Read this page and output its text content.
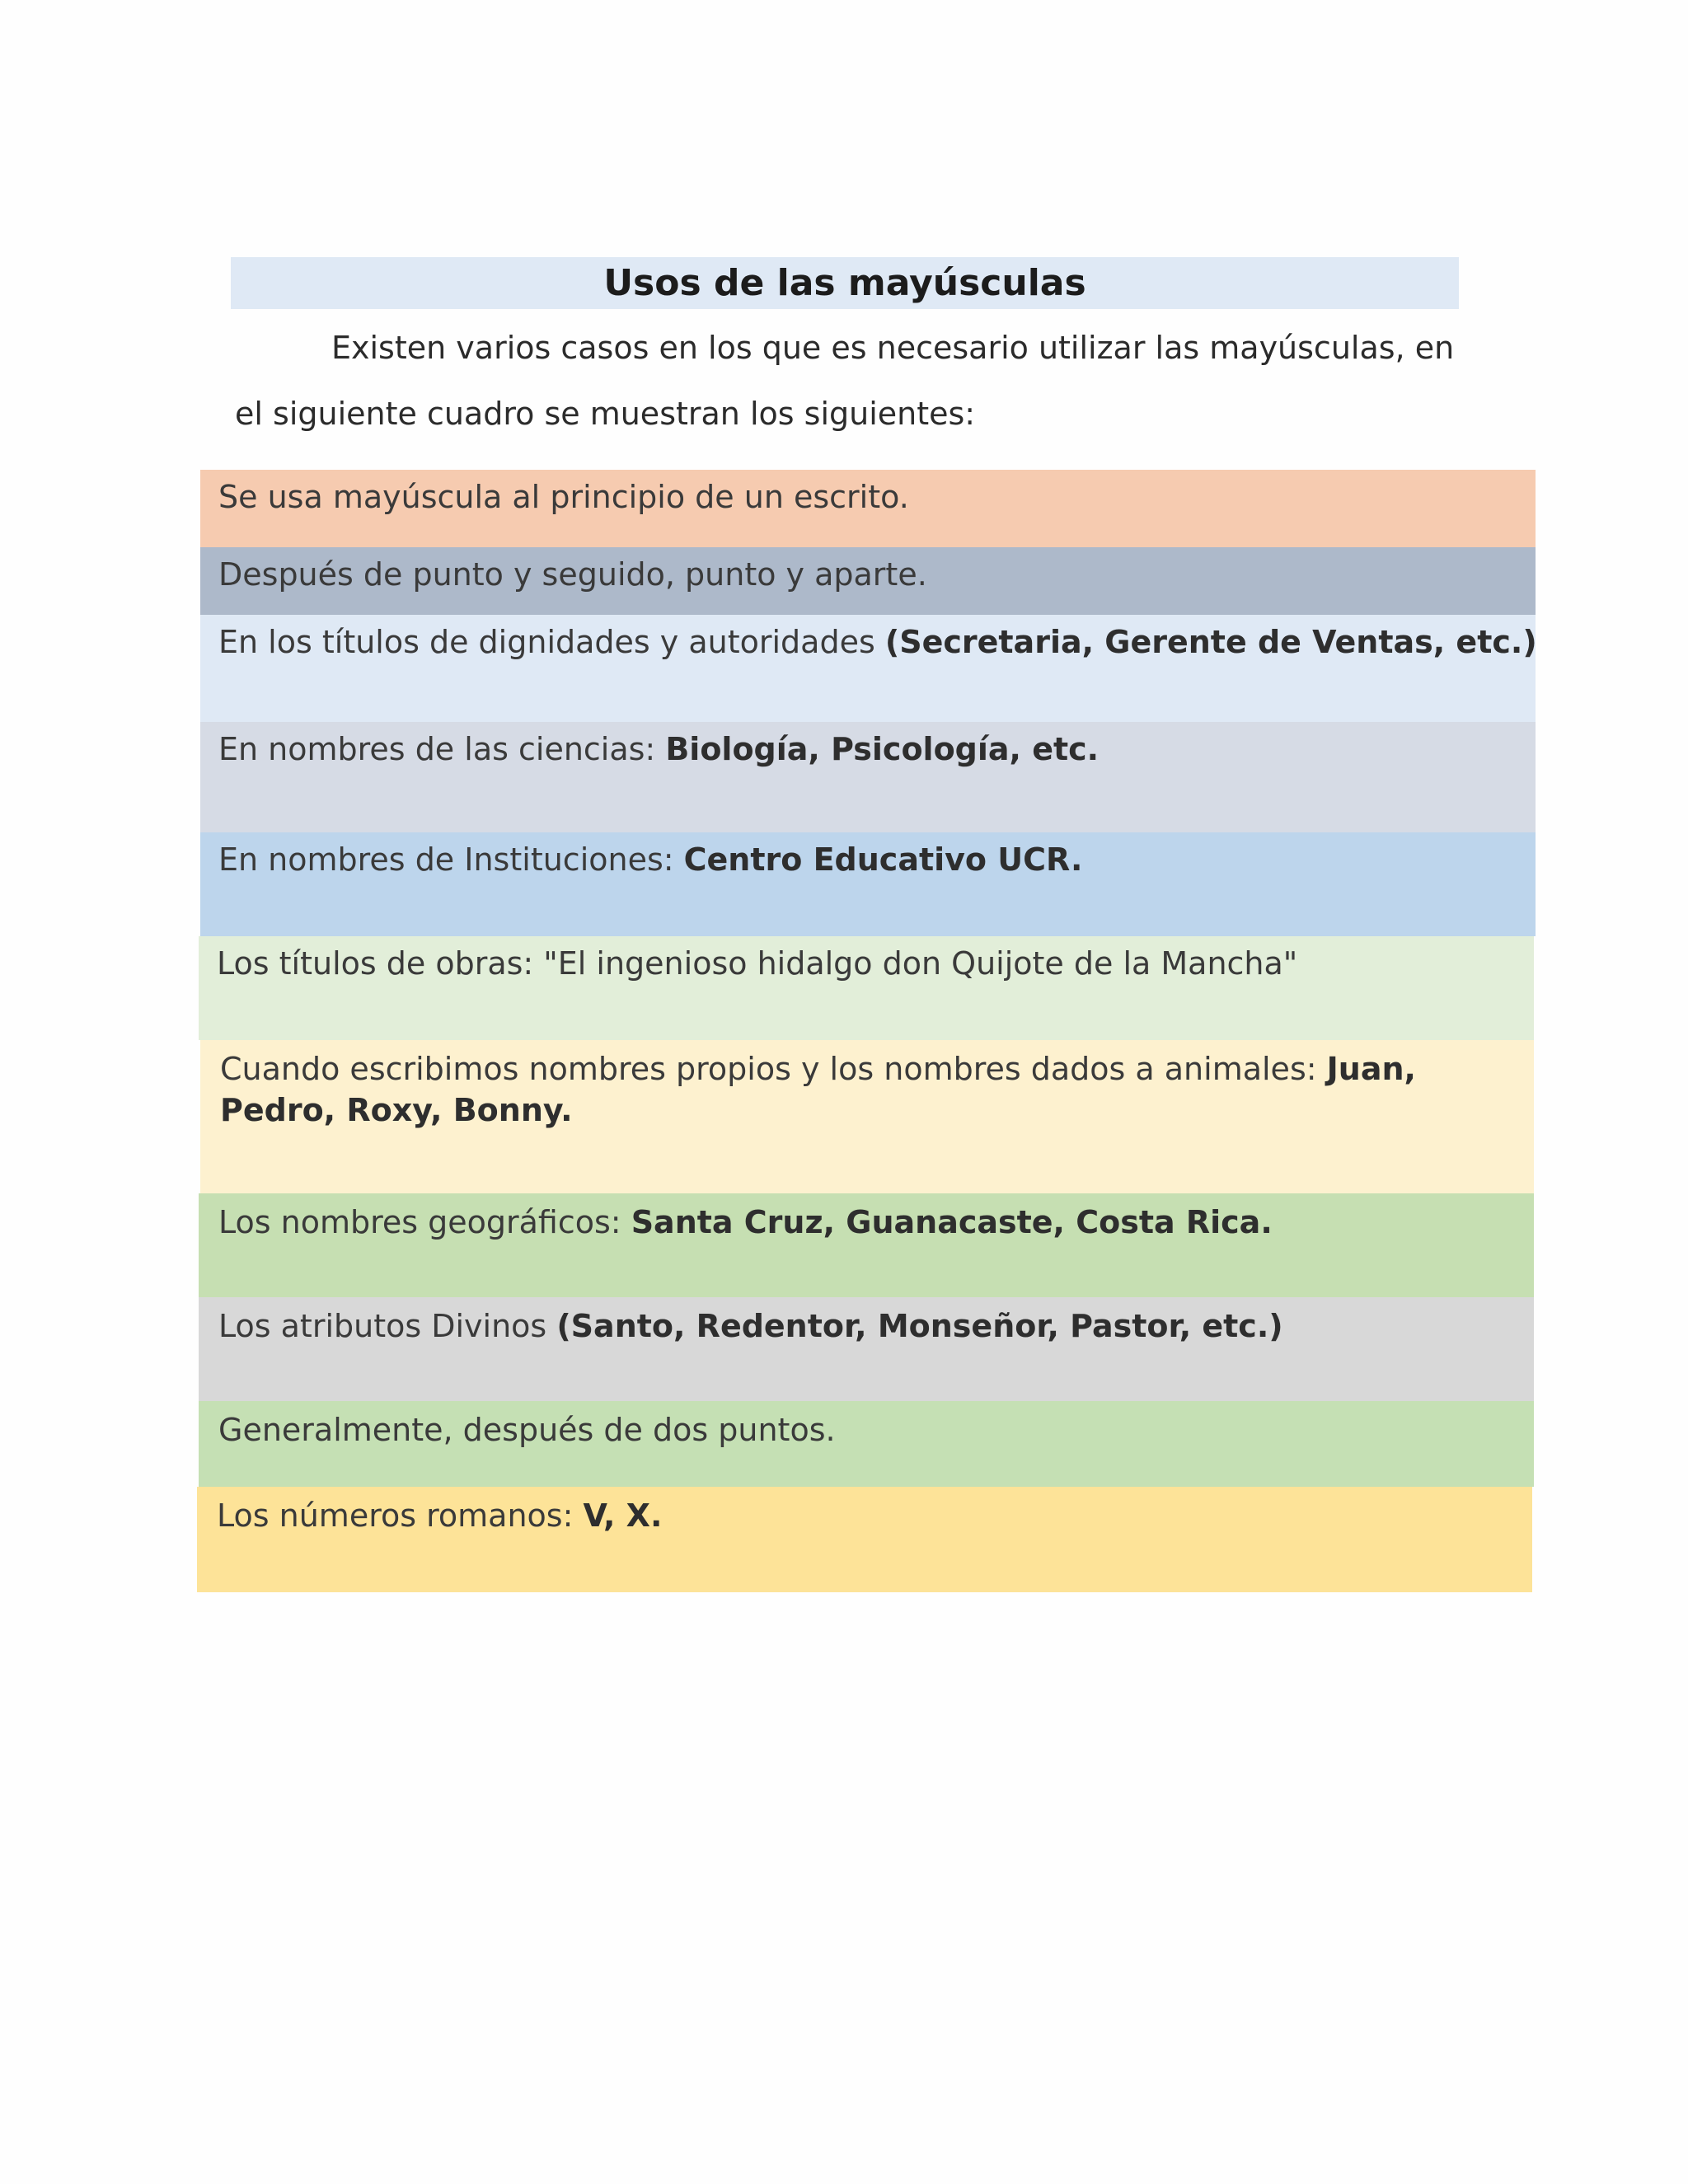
Usos de las mayúsculas
Existen varios casos en los que es necesario utilizar las mayúsculas, en
el siguiente cuadro se muestran los siguientes:
Se usa mayúscula al principio de un escrito.
Después de punto y seguido, punto y aparte.
En los títulos de dignidades y autoridades (Secretaria, Gerente de Ventas, etc.)
En nombres de las ciencias: Biología, Psicología, etc.
En nombres de Instituciones: Centro Educativo UCR.
Los títulos de obras: "El ingenioso hidalgo don Quijote de la Mancha"
Cuando escribimos nombres propios y los nombres dados a animales: Juan, Pedro, Roxy, Bonny.
Los nombres geográficos: Santa Cruz, Guanacaste, Costa Rica.
Los atributos Divinos (Santo, Redentor, Monseñor, Pastor, etc.)
Generalmente, después de dos puntos.
Los números romanos: V, X.
